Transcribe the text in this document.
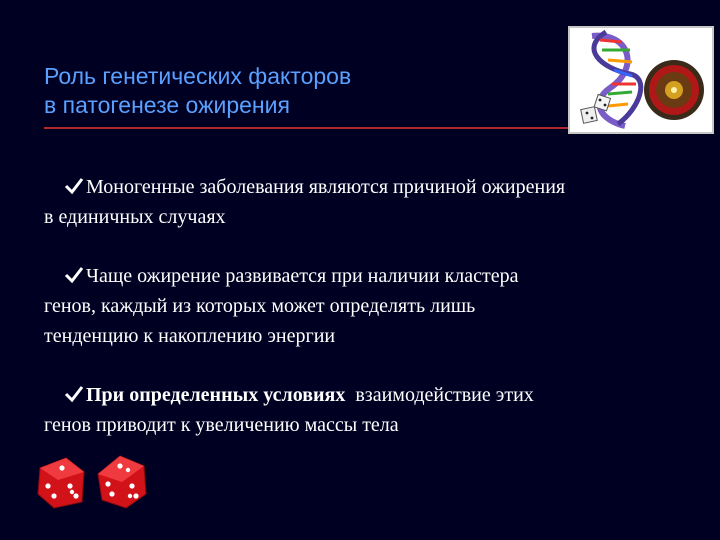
Роль генетических факторов
в патогенезе ожирения
Моногенные заболевания являются причиной ожирения
в единичных случаях
Чаще ожирение развивается при наличии кластера
генов, каждый из которых может определять лишь
тенденцию к накоплению энергии
При определенных условиях  взаимодействие этих
генов приводит к увеличению массы тела
